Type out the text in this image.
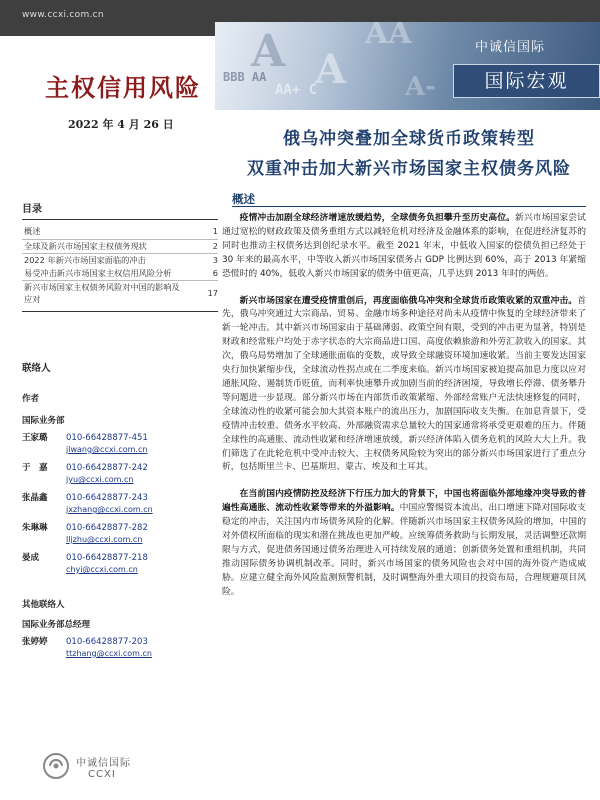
www.ccxi.com.cn
A A
AA
BBB AA
AA+ C	A-
中诚信国际
国际宏观
主权信用风险
2022 年 4 月 26 日
俄乌冲突叠加全球货币政策转型
双重冲击加大新兴市场国家主权债务风险
目录
概述	1
全球及新兴市场国家主权债务现状	2
2022 年新兴市场国家面临的冲击	3
易受冲击新兴市场国家主权信用风险分析	6
新兴市场国家主权债务风险对中国的影响及应对
17
联络人
作者
国际业务部
王家璐	010-66428877-451
jlwang@ccxi.com.cn
于　嘉	010-66428877-242
jyu@ccxi.com.cn
张晶鑫	010-66428877-243
jxzhang@ccxi.com.cn
朱琳琳	010-66428877-282
lljzhu@ccxi.com.cn
晏成	010-66428877-218
chyi@ccxi.com.cn
其他联络人
国际业务部总经理
张婷婷	010-66428877-203
ttzhang@ccxi.com.cn
中诚信国际
CCXI
概述

疫情冲击加剧全球经济增速放缓趋势，全球债务负担攀升至历史高位。新兴市场国家尝试通过宽松的财政政策及债务重组方式以减轻危机对经济及金融体系的影响，在促进经济复苏的同时也推动主权债务达到创纪录水平。截至 2021 年末，中低收入国家的偿债负担已经处于 30 年来的最高水平，中等收入新兴市场国家债务占 GDP 比例达到 60%，高于 2013 年紧缩恐慌时的 40%，低收入新兴市场国家的债务中值更高，几乎达到 2013 年时的两倍。

新兴市场国家在遭受疫情重创后，再度面临俄乌冲突和全球货币政策收紧的双重冲击。首先，俄乌冲突通过大宗商品、贸易、金融市场多种途径对尚未从疫情中恢复的全球经济带来了新一轮冲击。其中新兴市场国家由于基础薄弱、政策空间有限，受到的冲击更为显著，特别是财政和经常账户均处于赤字状态的大宗商品进口国、高度依赖旅游和外劳汇款收入的国家。其次，俄乌局势增加了全球通胀面临的变数，或导致全球融资环境加速收紧。当前主要发达国家央行加快紧缩步伐，全球流动性拐点或在二季度来临。新兴市场国家被迫提高加息力度以应对通胀风险、遏制货币贬值，而利率快速攀升或加剧当前的经济困境，导致增长停滞、债务攀升等问题进一步显现。部分新兴市场在内部货币政策紧缩、外部经常账户无法快速修复的同时，全球流动性的收紧可能会加大其资本账户的流出压力，加剧国际收支失衡。在加息背景下，受疫情冲击较重、债务水平较高、外部融资需求总量较大的国家通常将承受更艰难的压力。伴随全球性的高通胀、流动性收紧和经济增速放缓，新兴经济体陷入债务危机的风险大大上升。我们筛选了在此轮危机中受冲击较大、主权债务风险较为突出的部分新兴市场国家进行了重点分析，包括斯里兰卡、巴基斯坦、蒙古、埃及和土耳其。

在当前国内疫情防控及经济下行压力加大的背景下，中国也将面临外部地缘冲突导致的普遍性高通胀、流动性收紧等带来的外溢影响。中国应警惕资本流出、出口增速下降对国际收支稳定的冲击，关注国内市场债务风险的化解。伴随新兴市场国家主权债务风险的增加，中国的对外债权所面临的现实和潜在挑战也更加严峻。应统筹债务救助与长期发展，灵活调整还款期限与方式，促进债务国通过债务治理进入可持续发展的通道；创新债务处置和重组机制，共同推动国际债务协调机制改革。同时，新兴市场国家的债务风险也会对中国的海外资产造成威胁。应建立健全海外风险监测预警机制，及时调整海外重大项目的投资布局，合理规避项目风险。
